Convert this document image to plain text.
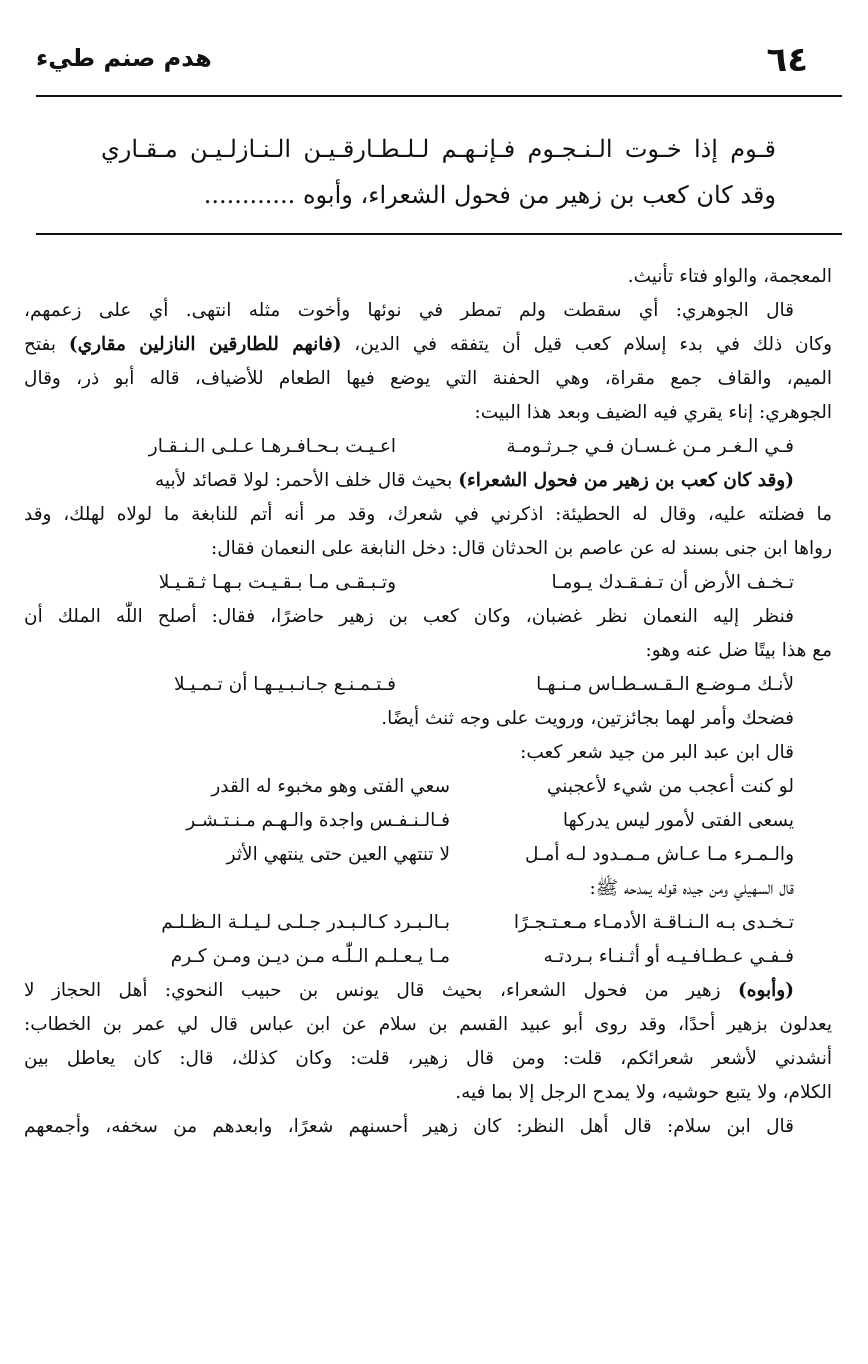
٦٤
هدم صنم طيء
قـوم إذا خـوت الـنـجـوم فـإنـهـم لـلـطـارقـيـن الـنـازلـيـن مـقـاري
وقد كان كعب بن زهير من فحول الشعراء، وأبوه ............
المعجمة، والواو فتاء تأنيث.
قال الجوهري: أي سقطت ولم تمطر في نوئها وأخوت مثله انتهى. أي على زعمهم،
وكان ذلك في بدء إسلام كعب قيل أن يتفقه في الدين، (فانهم للطارقين النازلين مقاري) بفتح
الميم، والقاف جمع مقراة، وهي الحفنة التي يوضع فيها الطعام للأضياف، قاله أبو ذر، وقال
الجوهري: إناء يقري فيه الضيف وبعد هذا البيت:
فـي الـغـر مـن غـسـان فـي جـرثـومـة
اعـيـت بـحـافـرهـا عـلـى الـنـقـار
(وقد كان كعب بن زهير من فحول الشعراء) بحيث قال خلف الأحمر: لولا قصائد لأبيه
ما فضلته عليه، وقال له الحطيئة: اذكرني في شعرك، وقد مر أنه أتم للنابغة ما لولاه لهلك، وقد
رواها ابن جنى بسند له عن عاصم بن الحدثان قال: دخل النابغة على النعمان فقال:
تـخـف الأرض أن تـفـقـدك يـومـا
وتـبـقـى مـا بـقـيـت بـهـا ثـقـيـلا
فنظر إليه النعمان نظر غضبان، وكان كعب بن زهير حاضرًا، فقال: أصلح اللّٰه الملك أن
مع هذا بيتًا ضل عنه وهو:
لأنـك مـوضـع الـقـسـطـاس مـنـهـا
فـتـمـنـع جـانـبـيـهـا أن تـمـيـلا
فضحك وأمر لهما بجائزتين، ورويت على وجه ثنث أيضًا.
قال ابن عبد البر من جيد شعر كعب:
لو كنت أعجب من شيء لأعجبني
سعي الفتى وهو مخبوء له القدر
يسعى الفتى لأمور ليس يدركها
فـالـنـفـس واجدة والـهـم مـنـتـشـر
والـمـرء مـا عـاش مـمـدود لـه أمـل
لا تنتهي العين حتى ينتهي الأثر
قال السهيلي ومن جيده قوله يمدحه ﷺ:
تـخـدى بـه الـنـاقـة الأدمـاء مـعـتـجـرًا
بـالـبـرد كـالـبـدر جـلـى لـيـلـة الـظـلـم
فـفـي عـطـافـيـه أو أثـنـاء بـردتـه
مـا يـعـلـم الـلّٰـه مـن ديـن ومـن كـرم
(وأبوه) زهير من فحول الشعراء، بحيث قال يونس بن حبيب النحوي: أهل الحجاز لا
يعدلون بزهير أحدًا، وقد روى أبو عبيد القسم بن سلام عن ابن عباس قال لي عمر بن الخطاب:
أنشدني لأشعر شعرائكم، قلت: ومن قال زهير، قلت: وكان كذلك، قال: كان يعاطل بين
الكلام، ولا يتبع حوشيه، ولا يمدح الرجل إلا بما فيه.
قال ابن سلام: قال أهل النظر: كان زهير أحسنهم شعرًا، وابعدهم من سخفه، وأجمعهم
